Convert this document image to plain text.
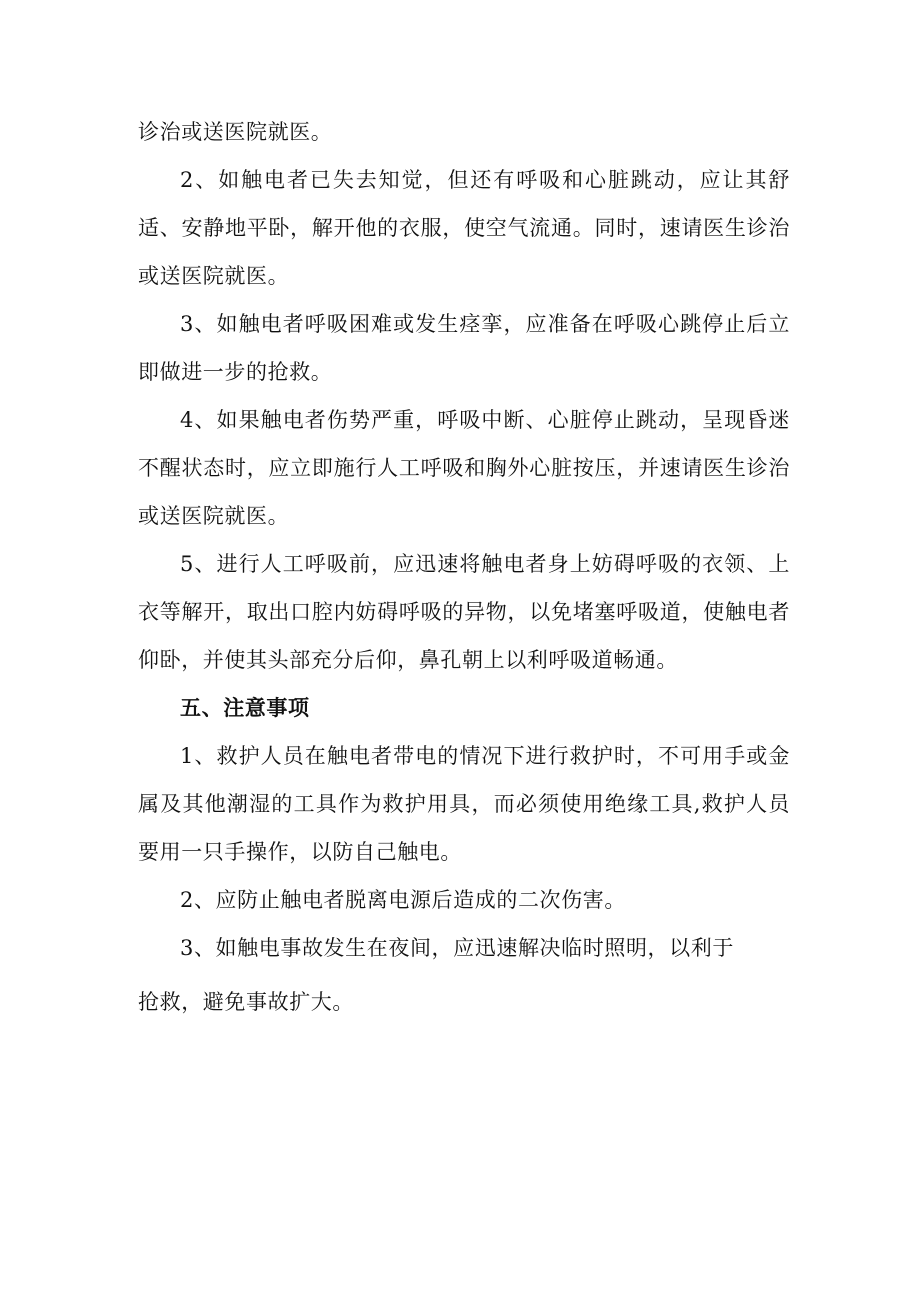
诊治或送医院就医。

2、如触电者已失去知觉，但还有呼吸和心脏跳动，应让其舒适、安静地平卧，解开他的衣服，使空气流通。同时，速请医生诊治或送医院就医。

3、如触电者呼吸困难或发生痉挛，应准备在呼吸心跳停止后立即做进一步的抢救。

4、如果触电者伤势严重，呼吸中断、心脏停止跳动，呈现昏迷不醒状态时，应立即施行人工呼吸和胸外心脏按压，并速请医生诊治或送医院就医。

5、进行人工呼吸前，应迅速将触电者身上妨碍呼吸的衣领、上衣等解开，取出口腔内妨碍呼吸的异物，以免堵塞呼吸道，使触电者仰卧，并使其头部充分后仰，鼻孔朝上以利呼吸道畅通。

五、注意事项

1、救护人员在触电者带电的情况下进行救护时，不可用手或金属及其他潮湿的工具作为救护用具，而必须使用绝缘工具,救护人员要用一只手操作，以防自己触电。

2、应防止触电者脱离电源后造成的二次伤害。

3、如触电事故发生在夜间，应迅速解决临时照明，以利于

抢救，避免事故扩大。
